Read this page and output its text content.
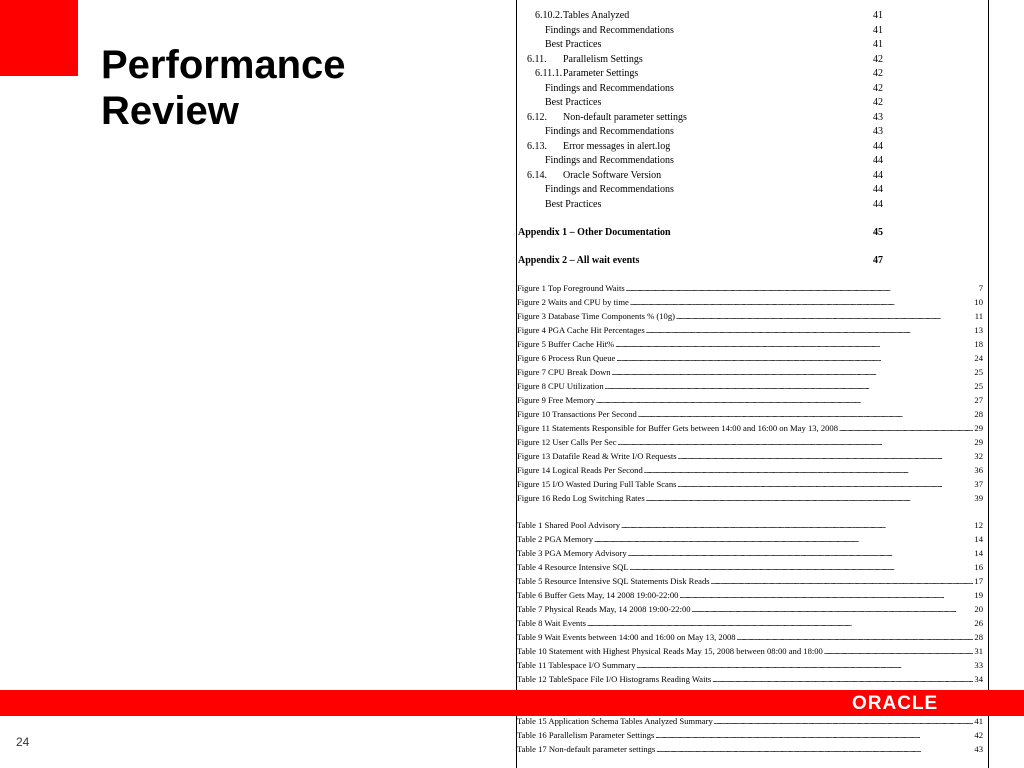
Performance
Review
6.10.2.Tables Analyzed	41
Findings and Recommendations	41
Best Practices	41
6.11. Parallelism Settings	42
6.11.1.Parameter Settings	42
Findings and Recommendations	42
Best Practices	42
6.12. Non-default parameter settings	43
Findings and Recommendations	43
6.13. Error messages in alert.log	44
Findings and Recommendations	44
6.14. Oracle Software Version	44
Findings and Recommendations	44
Best Practices	44
Appendix 1 – Other Documentation	45
Appendix 2 – All wait events	47
Figure 1 Top Foreground Waits .....	7
Figure 2 Waits and CPU by time .....	10
Figure 3 Database Time Components % (10g) .....	11
Figure 4 PGA Cache Hit Percentages .....	13
Figure 5 Buffer Cache Hit% .....	18
Figure 6 Process Run Queue .....	24
Figure 7 CPU Break Down .....	25
Figure 8 CPU Utilization .....	25
Figure 9 Free Memory .....	27
Figure 10 Transactions Per Second .....	28
Figure 11 Statements Responsible for Buffer Gets between 14:00 and 16:00 on May 13, 2008 .....	29
Figure 12 User Calls Per Sec .....	29
Figure 13 Datafile Read & Write I/O Requests .....	32
Figure 14 Logical Reads Per Second .....	36
Figure 15 I/O Wasted During Full Table Scans .....	37
Figure 16 Redo Log Switching Rates .....	39
Table 1 Shared Pool Advisory .....	12
Table 2 PGA Memory .....	14
Table 3 PGA Memory Advisory .....	14
Table 4 Resource Intensive SQL .....	16
Table 5 Resource Intensive SQL Statements Disk Reads .....	17
Table 6 Buffer Gets May, 14 2008 19:00-22:00 .....	19
Table 7 Physical Reads May, 14 2008 19:00-22:00 .....	20
Table 8 Wait Events .....	26
Table 9 Wait Events between 14:00 and 16:00 on May 13, 2008 .....	28
Table 10 Statement with Highest Physical Reads May 15, 2008 between 08:00 and 18:00 .....	31
Table 11 Tablespace I/O Summary .....	33
Table 12 TableSpace File I/O Histograms Reading Waits .....	34
.....
.....
Table 15 Application Schema Tables Analyzed Summary .....	41
Table 16 Parallelism Parameter Settings .....	42
Table 17 Non-default parameter settings .....	43
ORACLE
24
